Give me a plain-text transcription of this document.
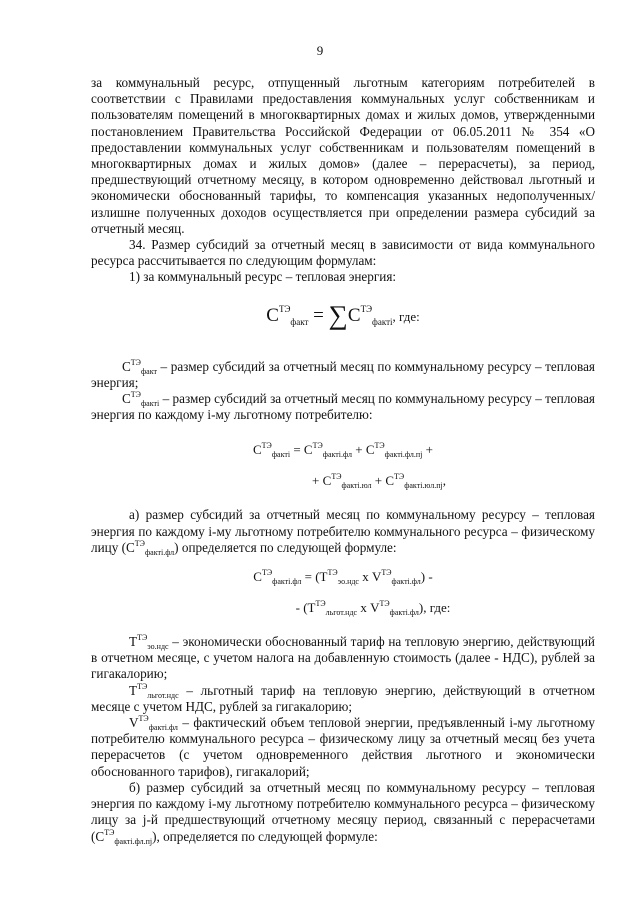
9

за коммунальный ресурс, отпущенный льготным категориям потребителей в соответствии с Правилами предоставления коммунальных услуг собственникам и пользователям помещений в многоквартирных домах и жилых домов, утвержденными постановлением Правительства Российской Федерации от 06.05.2011 № 354 «О предоставлении коммунальных услуг собственникам и пользователям помещений в многоквартирных домах и жилых домов» (далее – перерасчеты), за период, предшествующий отчетному месяцу, в котором одновременно действовал льготный и экономически обоснованный тарифы, то компенсация указанных недополученных/излишне полученных доходов осуществляется при определении размера субсидий за отчетный месяц.

34. Размер субсидий за отчетный месяц в зависимости от вида коммунального ресурса рассчитывается по следующим формулам:

1) за коммунальный ресурс – тепловая энергия:

$С^{ТЭ}_{факт} = \sum С^{ТЭ}_{факті}$, где:

$С^{ТЭ}_{факт}$ – размер субсидий за отчетный месяц по коммунальному ресурсу – тепловая энергия;

$С^{ТЭ}_{факті}$ – размер субсидий за отчетный месяц по коммунальному ресурсу – тепловая энергия по каждому i-му льготному потребителю:

$С^{ТЭ}_{факті} = С^{ТЭ}_{факті.фл} + С^{ТЭ}_{факті.фл.пj}$ +

+ $С^{ТЭ}_{факті.юл} + С^{ТЭ}_{факті.юл.пj}$,

а) размер субсидий за отчетный месяц по коммунальному ресурсу – тепловая энергия по каждому i-му льготному потребителю коммунального ресурса – физическому лицу $(С^{ТЭ}_{факті.фл})$ определяется по следующей формуле:

$С^{ТЭ}_{факті.фл} = (Т^{ТЭ}_{эо.ндс}$ х $V^{ТЭ}_{факті.фл}$) -

- ($Т^{ТЭ}_{льгот.ндс}$ х $V^{ТЭ}_{факті.фл}$), где:

$Т^{ТЭ}_{эо.ндс}$ – экономически обоснованный тариф на тепловую энергию, действующий в отчетном месяце, с учетом налога на добавленную стоимость (далее - НДС), рублей за гигакалорию;

$Т^{ТЭ}_{льгот.ндс}$ – льготный тариф на тепловую энергию, действующий в отчетном месяце с учетом НДС, рублей за гигакалорию;

$V^{ТЭ}_{факті.фл}$ – фактический объем тепловой энергии, предъявленный i-му льготному потребителю коммунального ресурса – физическому лицу за отчетный месяц без учета перерасчетов (с учетом одновременного действия льготного и экономически обоснованного тарифов), гигакалорий;

б) размер субсидий за отчетный месяц по коммунальному ресурсу – тепловая энергия по каждому i-му льготному потребителю коммунального ресурса – физическому лицу за j-й предшествующий отчетному месяцу период, связанный с перерасчетами $(С^{ТЭ}_{факті.фл.пj})$, определяется по следующей формуле:
